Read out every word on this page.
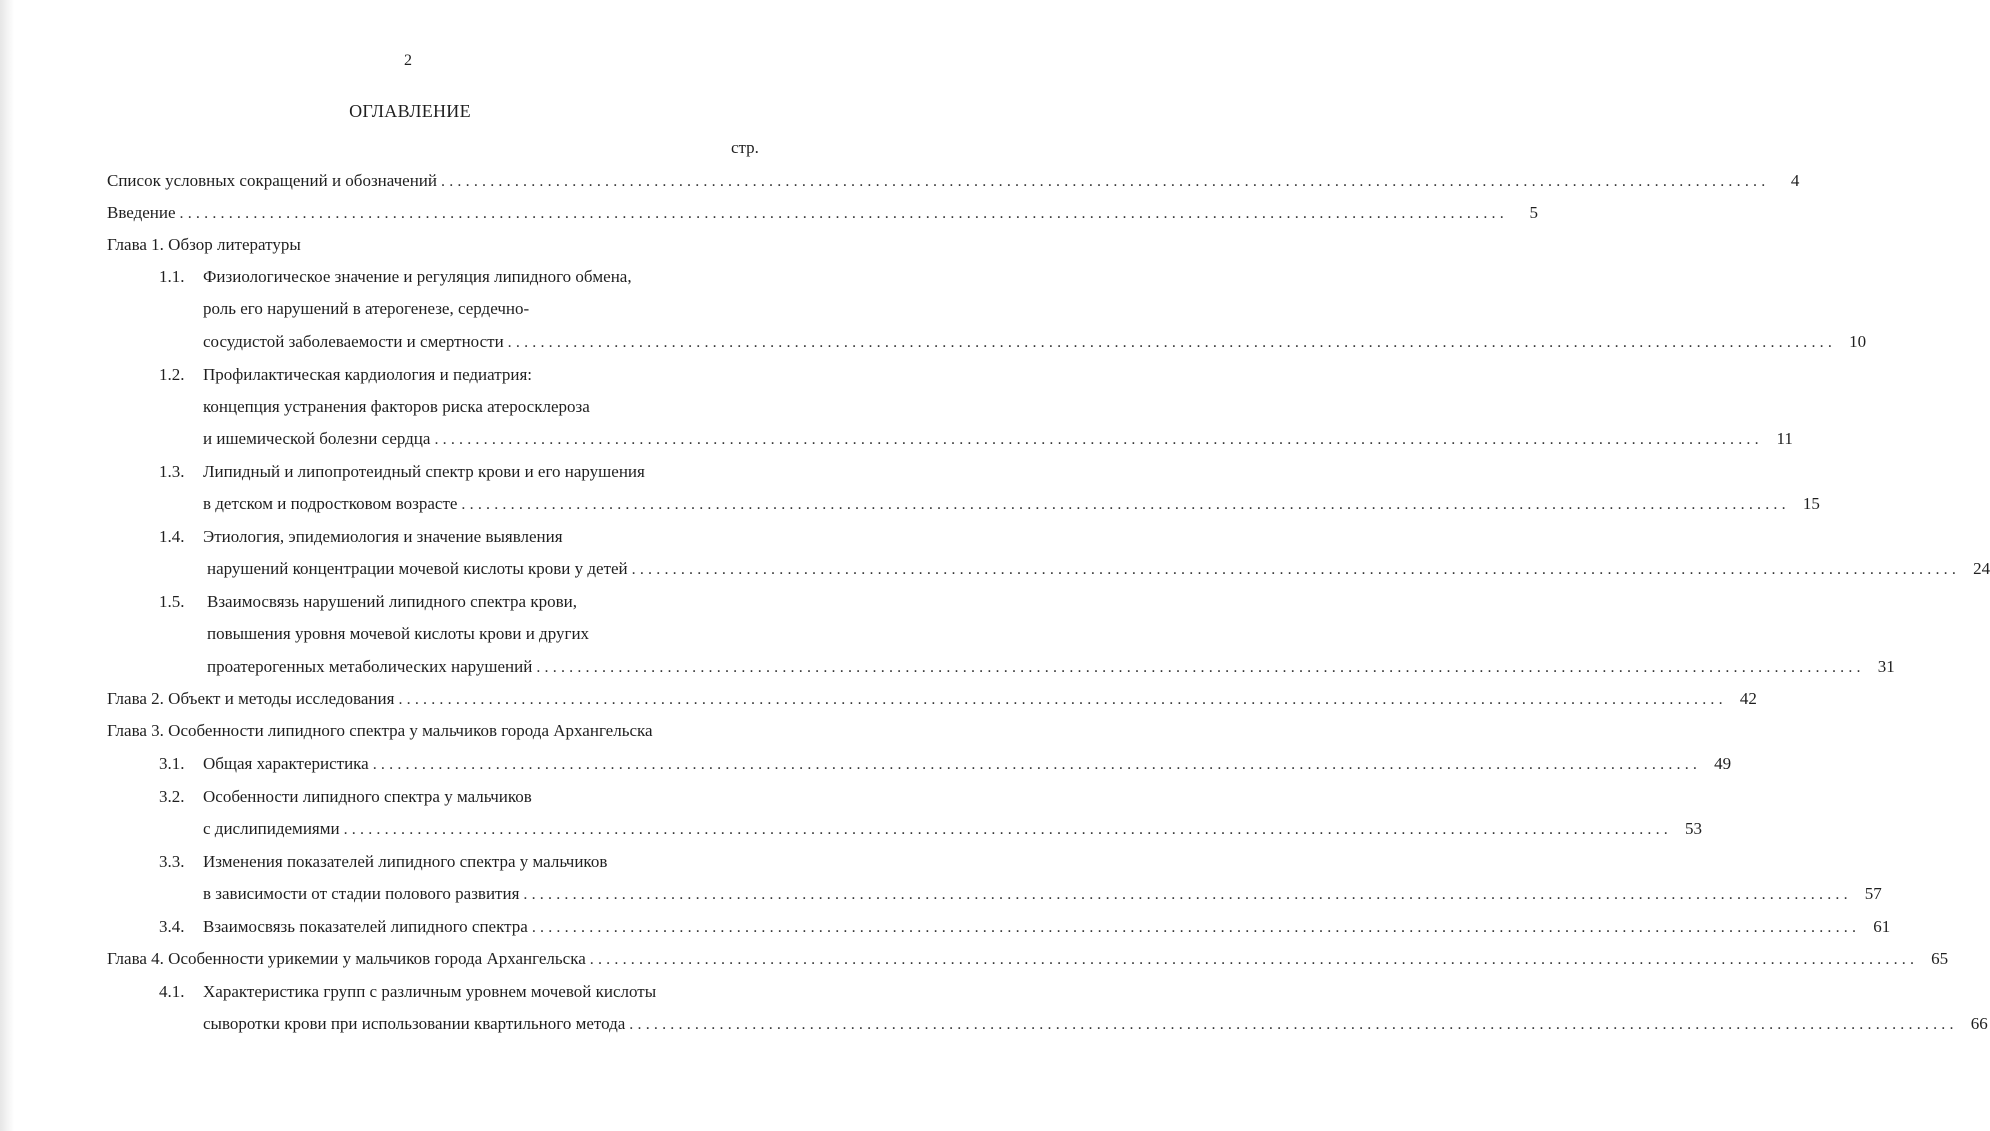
2
ОГЛАВЛЕНИЕ
стр.
Список условных сокращений и обозначений ..................................................................................................................................................................	4
Введение ..................................................................................................................................................................	5
Глава 1. Обзор литературы
1.1. Физиологическое значение и регуляция липидного обмена,
роль его нарушений в атерогенезе, сердечно-
сосудистой заболеваемости и смертности .................................................................................................................................................................. 10
1.2. Профилактическая кардиология и педиатрия:
концепция устранения факторов риска атеросклероза
и ишемической болезни сердца .................................................................................................................................................................. 11
1.3. Липидный и липопротеидный спектр крови и его нарушения
в детском и подростковом возрасте .................................................................................................................................................................. 15
1.4. Этиология, эпидемиология и значение выявления
нарушений концентрации мочевой кислоты крови у детей .................................................................................................................................................................. 24
1.5. Взаимосвязь нарушений липидного спектра крови,
повышения уровня мочевой кислоты крови и других
проатерогенных метаболических нарушений .................................................................................................................................................................. 31
Глава 2. Объект и методы исследования .................................................................................................................................................................. 42
Глава 3. Особенности липидного спектра у мальчиков города Архангельска
3.1. Общая характеристика .................................................................................................................................................................. 49
3.2. Особенности липидного спектра у мальчиков
с дислипидемиями .................................................................................................................................................................. 53
3.3. Изменения показателей липидного спектра у мальчиков
в зависимости от стадии полового развития .................................................................................................................................................................. 57
3.4. Взаимосвязь показателей липидного спектра .................................................................................................................................................................. 61
Глава 4. Особенности урикемии у мальчиков города Архангельска .................................................................................................................................................................. 65
4.1. Характеристика групп с различным уровнем мочевой кислоты
сыворотки крови при использовании квартильного метода .................................................................................................................................................................. 66
